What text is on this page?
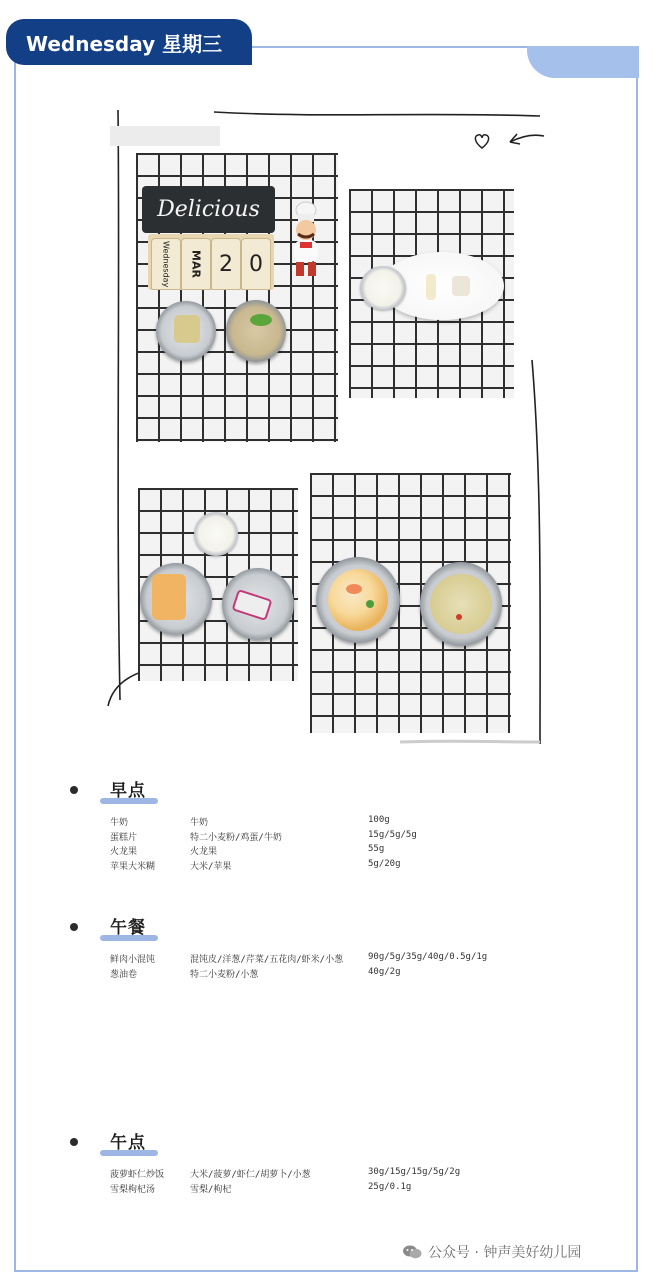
Wednesday 星期三
Delicious
Wednesday MAR 2 0
早点
牛奶	牛奶	100g
蛋糕片	特二小麦粉/鸡蛋/牛奶	15g/5g/5g
火龙果	火龙果	55g
苹果大米糊	大米/苹果	5g/20g
午餐
鲜肉小混饨	混饨皮/洋葱/芹菜/五花肉/虾米/小葱	90g/5g/35g/40g/0.5g/1g
葱油卷	特二小麦粉/小葱	40g/2g
午点
菠萝虾仁炒饭	大米/菠萝/虾仁/胡萝卜/小葱	30g/15g/15g/5g/2g
雪梨枸杞汤	雪梨/枸杞	25g/0.1g
公众号 · 钟声美好幼儿园
